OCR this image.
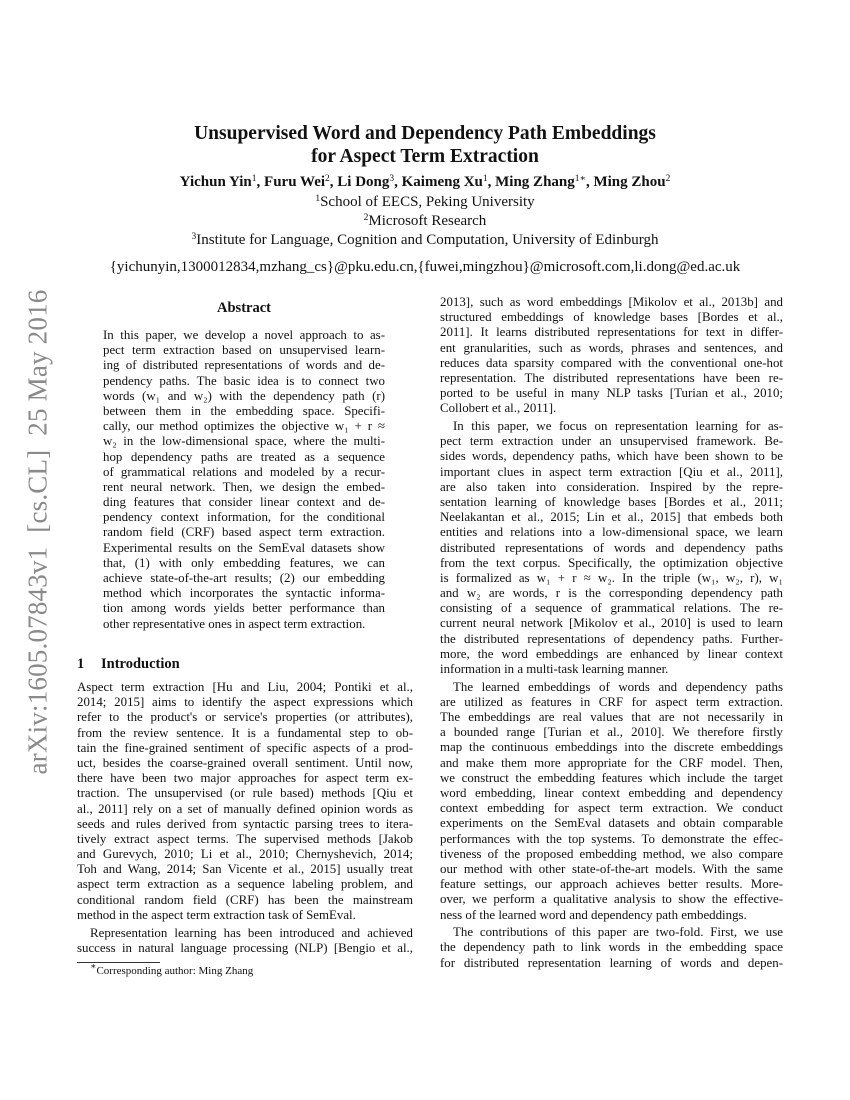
arXiv:1605.07843v1  [cs.CL]  25 May 2016
Unsupervised Word and Dependency Path Embeddings
for Aspect Term Extraction
Yichun Yin$^1$, Furu Wei$^2$, Li Dong$^3$, Kaimeng Xu$^1$, Ming Zhang$^{1∗}$, Ming Zhou$^2$
$^1$School of EECS, Peking University
$^2$Microsoft Research
$^3$Institute for Language, Cognition and Computation, University of Edinburgh
{yichunyin,1300012834,mzhang_cs}@pku.edu.cn,{fuwei,mingzhou}@microsoft.com,li.dong@ed.ac.uk
Abstract
In this paper, we develop a novel approach to as-
pect term extraction based on unsupervised learn-
ing of distributed representations of words and de-
pendency paths. The basic idea is to connect two
words (w₁ and w₂) with the dependency path (r)
between them in the embedding space. Specifi-
cally, our method optimizes the objective w₁ + r ≈
w₂ in the low-dimensional space, where the multi-
hop dependency paths are treated as a sequence
of grammatical relations and modeled by a recur-
rent neural network. Then, we design the embed-
ding features that consider linear context and de-
pendency context information, for the conditional
random field (CRF) based aspect term extraction.
Experimental results on the SemEval datasets show
that, (1) with only embedding features, we can
achieve state-of-the-art results; (2) our embedding
method which incorporates the syntactic informa-
tion among words yields better performance than
other representative ones in aspect term extraction.
1 Introduction
Aspect term extraction [Hu and Liu, 2004; Pontiki et al.,
2014; 2015] aims to identify the aspect expressions which
refer to the product's or service's properties (or attributes),
from the review sentence. It is a fundamental step to ob-
tain the fine-grained sentiment of specific aspects of a prod-
uct, besides the coarse-grained overall sentiment. Until now,
there have been two major approaches for aspect term ex-
traction. The unsupervised (or rule based) methods [Qiu et
al., 2011] rely on a set of manually defined opinion words as
seeds and rules derived from syntactic parsing trees to itera-
tively extract aspect terms. The supervised methods [Jakob
and Gurevych, 2010; Li et al., 2010; Chernyshevich, 2014;
Toh and Wang, 2014; San Vicente et al., 2015] usually treat
aspect term extraction as a sequence labeling problem, and
conditional random field (CRF) has been the mainstream
method in the aspect term extraction task of SemEval.
Representation learning has been introduced and achieved
success in natural language processing (NLP) [Bengio et al.,
2013], such as word embeddings [Mikolov et al., 2013b] and
structured embeddings of knowledge bases [Bordes et al.,
2011]. It learns distributed representations for text in differ-
ent granularities, such as words, phrases and sentences, and
reduces data sparsity compared with the conventional one-hot
representation. The distributed representations have been re-
ported to be useful in many NLP tasks [Turian et al., 2010;
Collobert et al., 2011].
In this paper, we focus on representation learning for as-
pect term extraction under an unsupervised framework. Be-
sides words, dependency paths, which have been shown to be
important clues in aspect term extraction [Qiu et al., 2011],
are also taken into consideration. Inspired by the repre-
sentation learning of knowledge bases [Bordes et al., 2011;
Neelakantan et al., 2015; Lin et al., 2015] that embeds both
entities and relations into a low-dimensional space, we learn
distributed representations of words and dependency paths
from the text corpus. Specifically, the optimization objective
is formalized as w₁ + r ≈ w₂. In the triple (w₁, w₂, r), w₁
and w₂ are words, r is the corresponding dependency path
consisting of a sequence of grammatical relations. The re-
current neural network [Mikolov et al., 2010] is used to learn
the distributed representations of dependency paths. Further-
more, the word embeddings are enhanced by linear context
information in a multi-task learning manner.
The learned embeddings of words and dependency paths
are utilized as features in CRF for aspect term extraction.
The embeddings are real values that are not necessarily in
a bounded range [Turian et al., 2010]. We therefore firstly
map the continuous embeddings into the discrete embeddings
and make them more appropriate for the CRF model. Then,
we construct the embedding features which include the target
word embedding, linear context embedding and dependency
context embedding for aspect term extraction. We conduct
experiments on the SemEval datasets and obtain comparable
performances with the top systems. To demonstrate the effec-
tiveness of the proposed embedding method, we also compare
our method with other state-of-the-art models. With the same
feature settings, our approach achieves better results. More-
over, we perform a qualitative analysis to show the effective-
ness of the learned word and dependency path embeddings.
The contributions of this paper are two-fold. First, we use
the dependency path to link words in the embedding space
for distributed representation learning of words and depen-
∗Corresponding author: Ming Zhang
